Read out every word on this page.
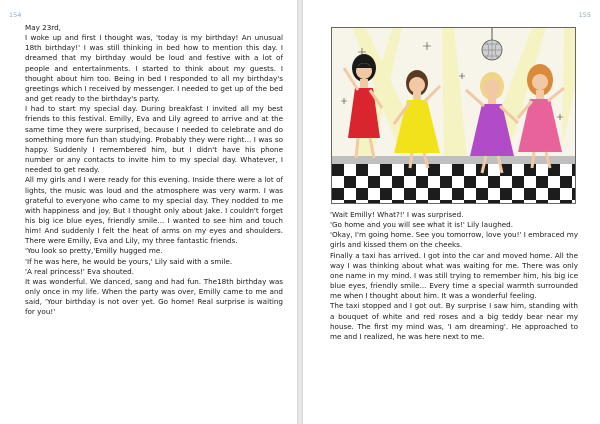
154

May 23rd,

I woke up and first I thought was, 'today is my birthday! An unusual 18th birthday!' I was still thinking in bed how to mention this day. I dreamed that my birthday would be loud and festive with a lot of people and entertainments. I started to think about my guests. I thought about him too. Being in bed I responded to all my birthday's greetings which I received by messenger. I needed to get up of the bed and get ready to the birthday's party.

I had to start my special day. During breakfast I invited all my best friends to this festival. Emilly, Eva and Lily agreed to arrive and at the same time they were surprised, because I needed to celebrate and do something more fun than studying. Probably they were right... I was so happy. Suddenly I remembered him, but I didn't have his phone number or any contacts to invite him to my special day. Whatever, I needed to get ready.

All my girls and I were ready for this evening. Inside there were a lot of lights, the music was loud and the atmosphere was very warm. I was grateful to everyone who came to my special day. They nodded to me with happiness and joy. But I thought only about Jake. I couldn't forget his big ice blue eyes, friendly smile... I wanted to see him and touch him! And suddenly I felt the heat of arms on my eyes and shoulders. There were Emilly, Eva and Lily, my three fantastic friends.

'You look so pretty,'Emilly hugged me.

'If he was here, he would be yours,' Lily said with a smile.

'A real princess!' Eva shouted.

It was wonderful. We danced, sang and had fun. The18th birthday was only once in my life. When the party was over, Emilly came to me and said, 'Your birthday is not over yet. Go home! Real surprise is waiting for you!'

155

'Wait Emilly! What?!' I was surprised.

'Go home and you will see what it is!' Lily laughed.

'Okay, I'm going home. See you tomorrow, love you!' I embraced my girls and kissed them on the cheeks.

Finally a taxi has arrived. I got into the car and moved home. All the way I was thinking about what was waiting for me. There was only one name in my mind. I was still trying to remember him, his big ice blue eyes, friendly smile... Every time a special warmth surrounded me when I thought about him. It was a wonderful feeling.

The taxi stopped and I got out. By surprise I saw him, standing with a bouquet of white and red roses and a big teddy bear near my house. The first my mind was, 'I am dreaming'. He approached to me and I realized, he was here next to me.
